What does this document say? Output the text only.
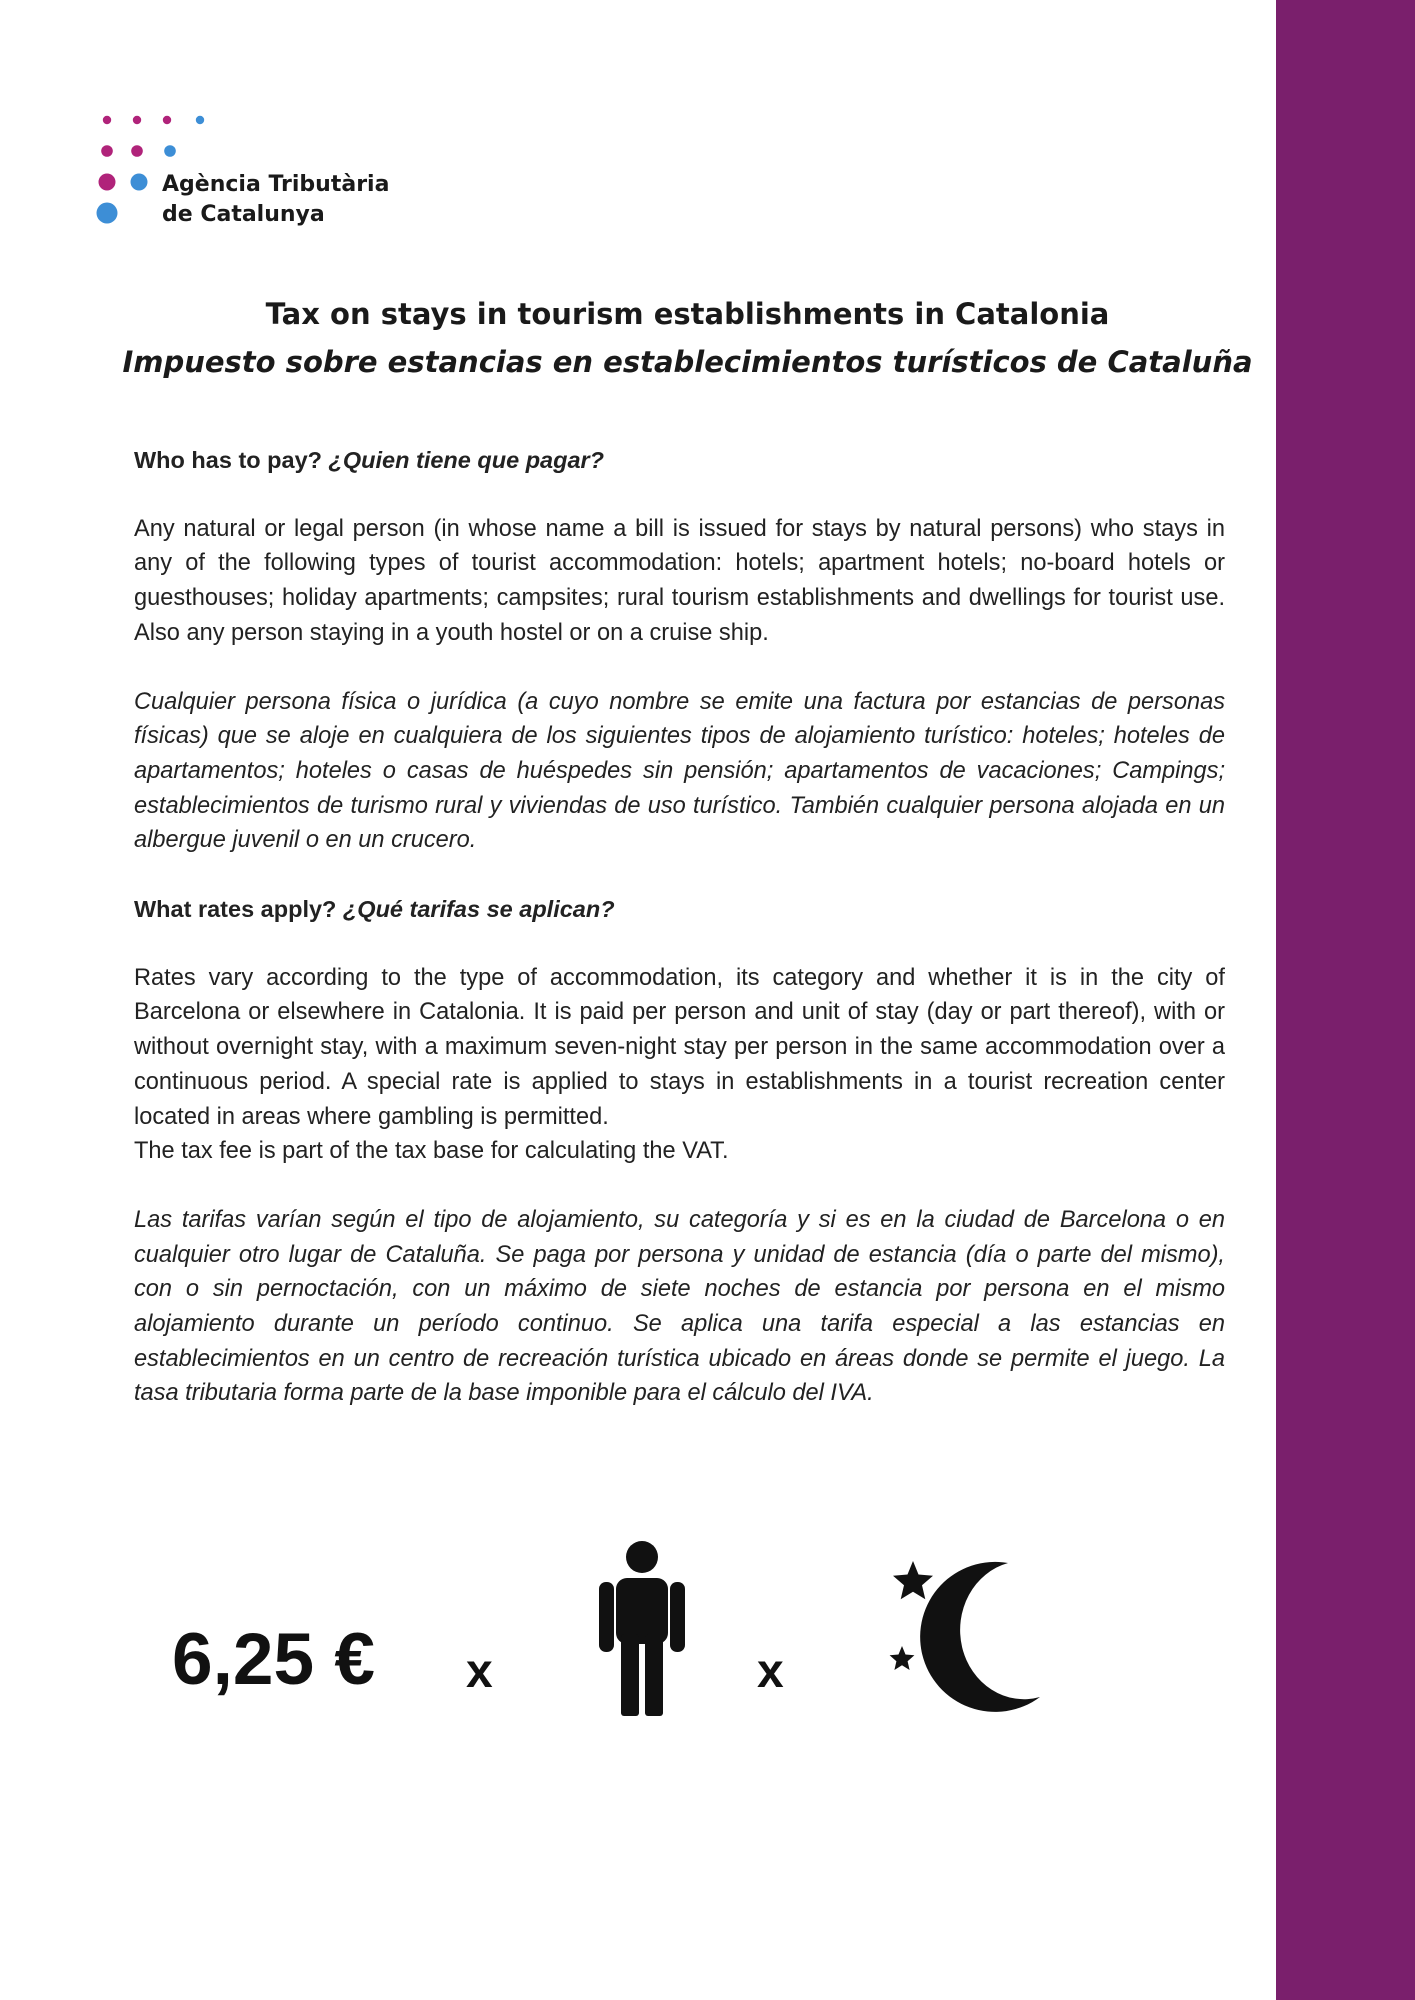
Agència Tributària
de Catalunya
Tax on stays in tourism establishments in Catalonia
Impuesto sobre estancias en establecimientos turísticos de Cataluña

Who has to pay? ¿Quien tiene que pagar?

Any natural or legal person (in whose name a bill is issued for stays by natural persons) who stays in any of the following types of tourist accommodation: hotels; apartment hotels; no-board hotels or guesthouses; holiday apartments; campsites; rural tourism establishments and dwellings for tourist use. Also any person staying in a youth hostel or on a cruise ship.

Cualquier persona física o jurídica (a cuyo nombre se emite una factura por estancias de personas físicas) que se aloje en cualquiera de los siguientes tipos de alojamiento turístico: hoteles; hoteles de apartamentos; hoteles o casas de huéspedes sin pensión; apartamentos de vacaciones; Campings; establecimientos de turismo rural y viviendas de uso turístico. También cualquier persona alojada en un albergue juvenil o en un crucero.

What rates apply? ¿Qué tarifas se aplican?

Rates vary according to the type of accommodation, its category and whether it is in the city of Barcelona or elsewhere in Catalonia. It is paid per person and unit of stay (day or part thereof), with or without overnight stay, with a maximum seven-night stay per person in the same accommodation over a continuous period. A special rate is applied to stays in establishments in a tourist recreation center located in areas where gambling is permitted.

The tax fee is part of the tax base for calculating the VAT.

Las tarifas varían según el tipo de alojamiento, su categoría y si es en la ciudad de Barcelona o en cualquier otro lugar de Cataluña. Se paga por persona y unidad de estancia (día o parte del mismo), con o sin pernoctación, con un máximo de siete noches de estancia por persona en el mismo alojamiento durante un período continuo. Se aplica una tarifa especial a las estancias en establecimientos en un centro de recreación turística ubicado en áreas donde se permite el juego. La tasa tributaria forma parte de la base imponible para el cálculo del IVA.

6,25 € x	x
